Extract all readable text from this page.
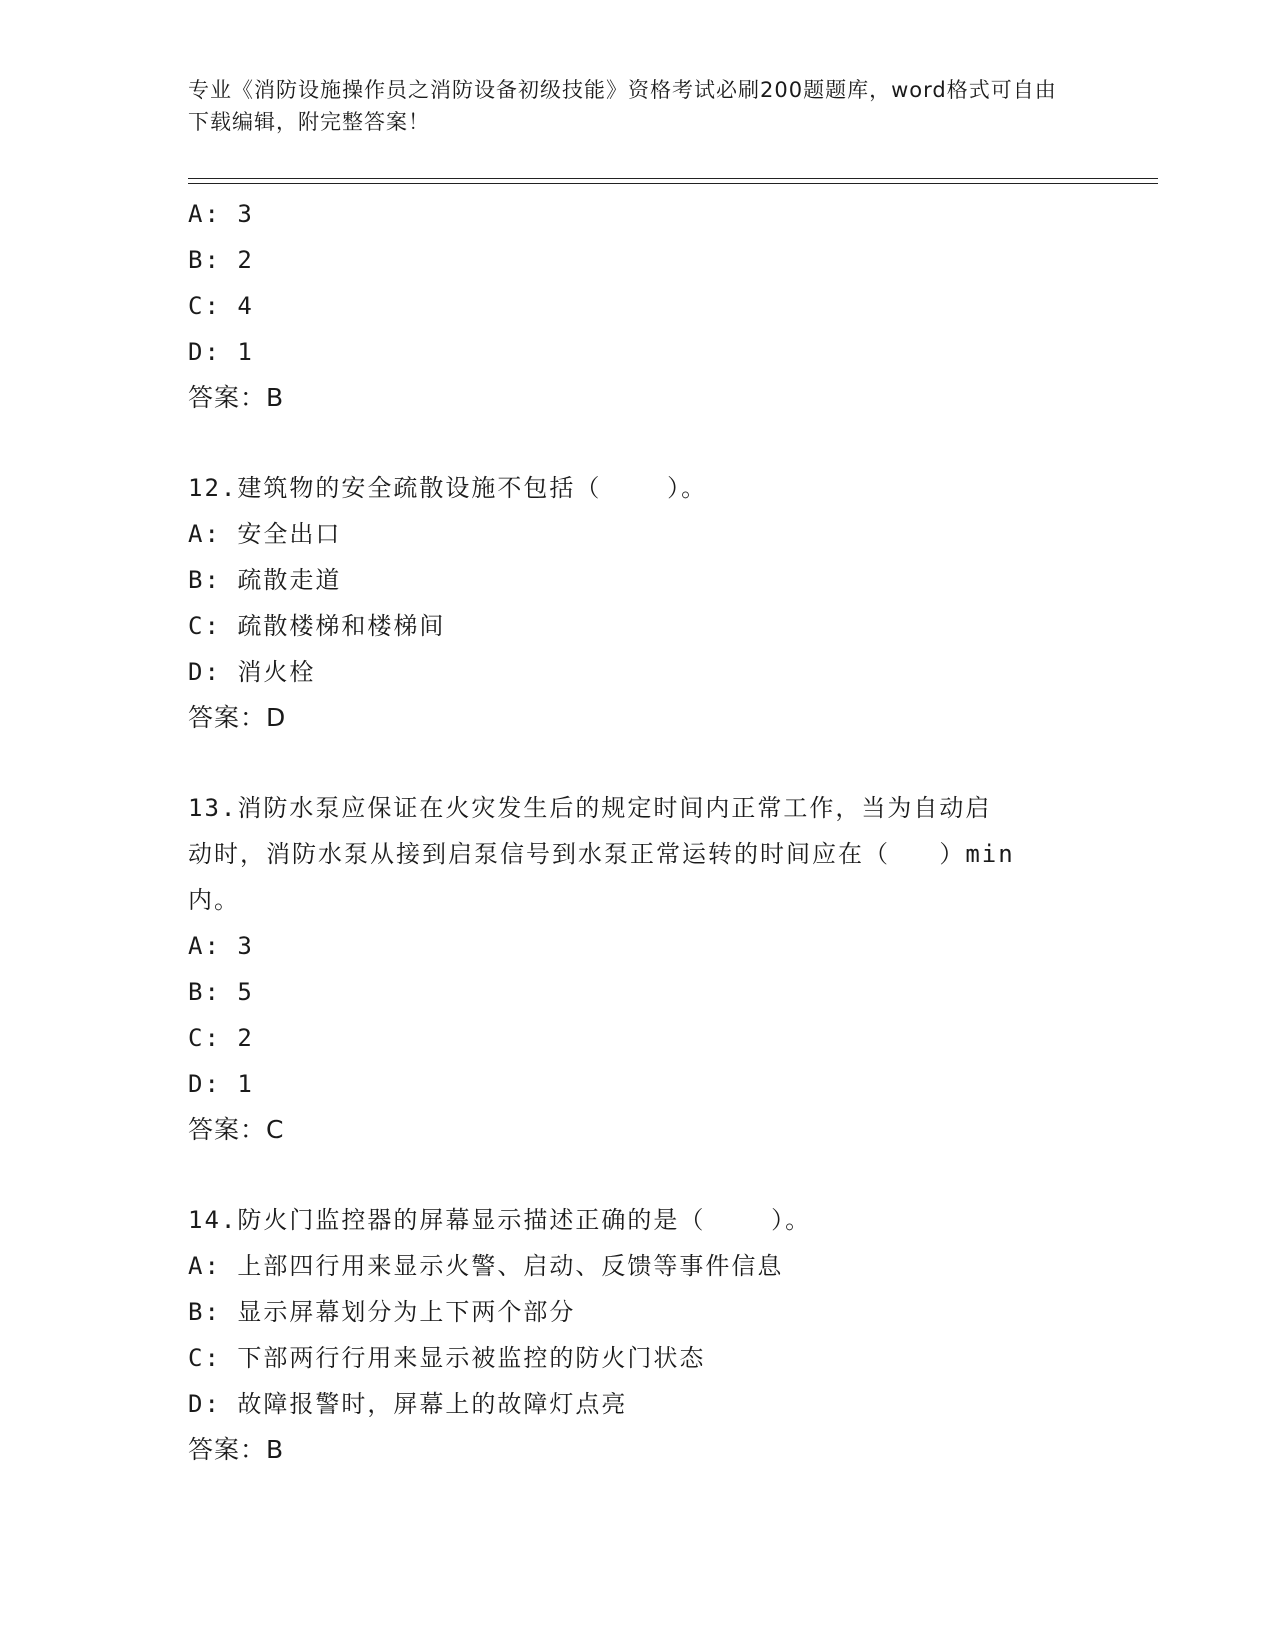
专业《消防设施操作员之消防设备初级技能》资格考试必刷200题题库，word格式可自由下载编辑，附完整答案！
A: 3
B: 2
C: 4
D: 1
答案：B
12.建筑物的安全疏散设施不包括（    ）。
A: 安全出口
B: 疏散走道
C: 疏散楼梯和楼梯间
D: 消火栓
答案：D
13.消防水泵应保证在火灾发生后的规定时间内正常工作，当为自动启
动时，消防水泵从接到启泵信号到水泵正常运转的时间应在（   ）min
内。
A: 3
B: 5
C: 2
D: 1
答案：C
14.防火门监控器的屏幕显示描述正确的是（    ）。
A: 上部四行用来显示火警、启动、反馈等事件信息
B: 显示屏幕划分为上下两个部分
C: 下部两行行用来显示被监控的防火门状态
D: 故障报警时，屏幕上的故障灯点亮
答案：B
